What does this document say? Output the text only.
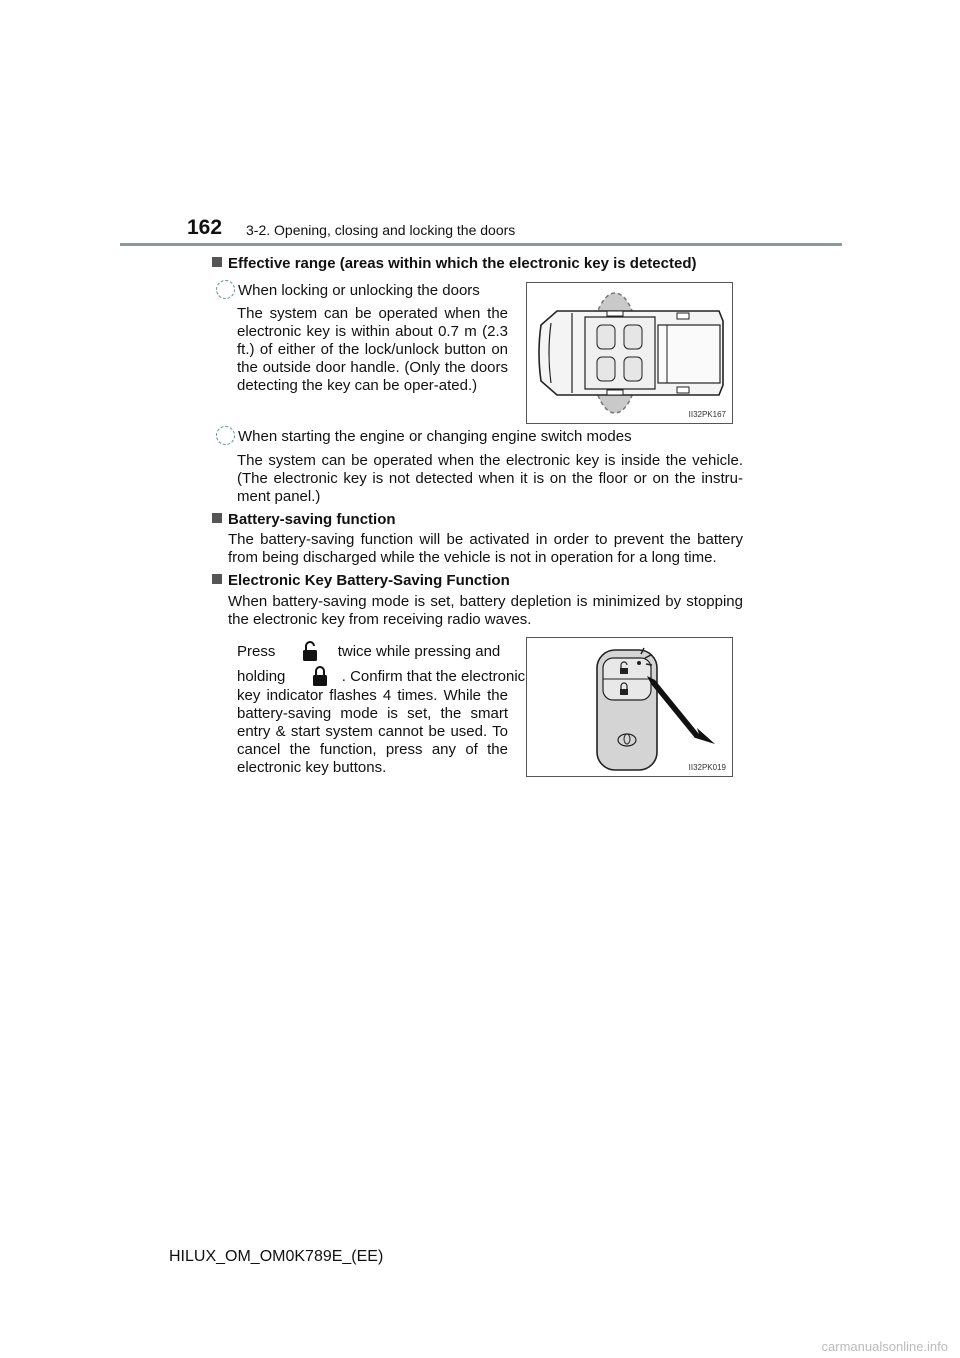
162 3-2. Opening, closing and locking the doors
Effective range (areas within which the electronic key is detected)
When locking or unlocking the doors
The system can be operated when the electronic key is within about 0.7 m (2.3 ft.) of either of the lock/unlock button on the outside door handle. (Only the doors detecting the key can be oper-ated.)
II32PK167
When starting the engine or changing engine switch modes
The system can be operated when the electronic key is inside the vehicle. (The electronic key is not detected when it is on the floor or on the instru-ment panel.)
Battery-saving function
The battery-saving function will be activated in order to prevent the battery from being discharged while the vehicle is not in operation for a long time.
Electronic Key Battery-Saving Function
When battery-saving mode is set, battery depletion is minimized by stopping the electronic key from receiving radio waves.
Press	twice while pressing and
holding	. Confirm that the electronic
key indicator flashes 4 times. While the battery-saving mode is set, the smart entry & start system cannot be used. To cancel the function, press any of the electronic key buttons.	II32PK019
HILUX_OM_OM0K789E_(EE)
carmanualsonline.info
